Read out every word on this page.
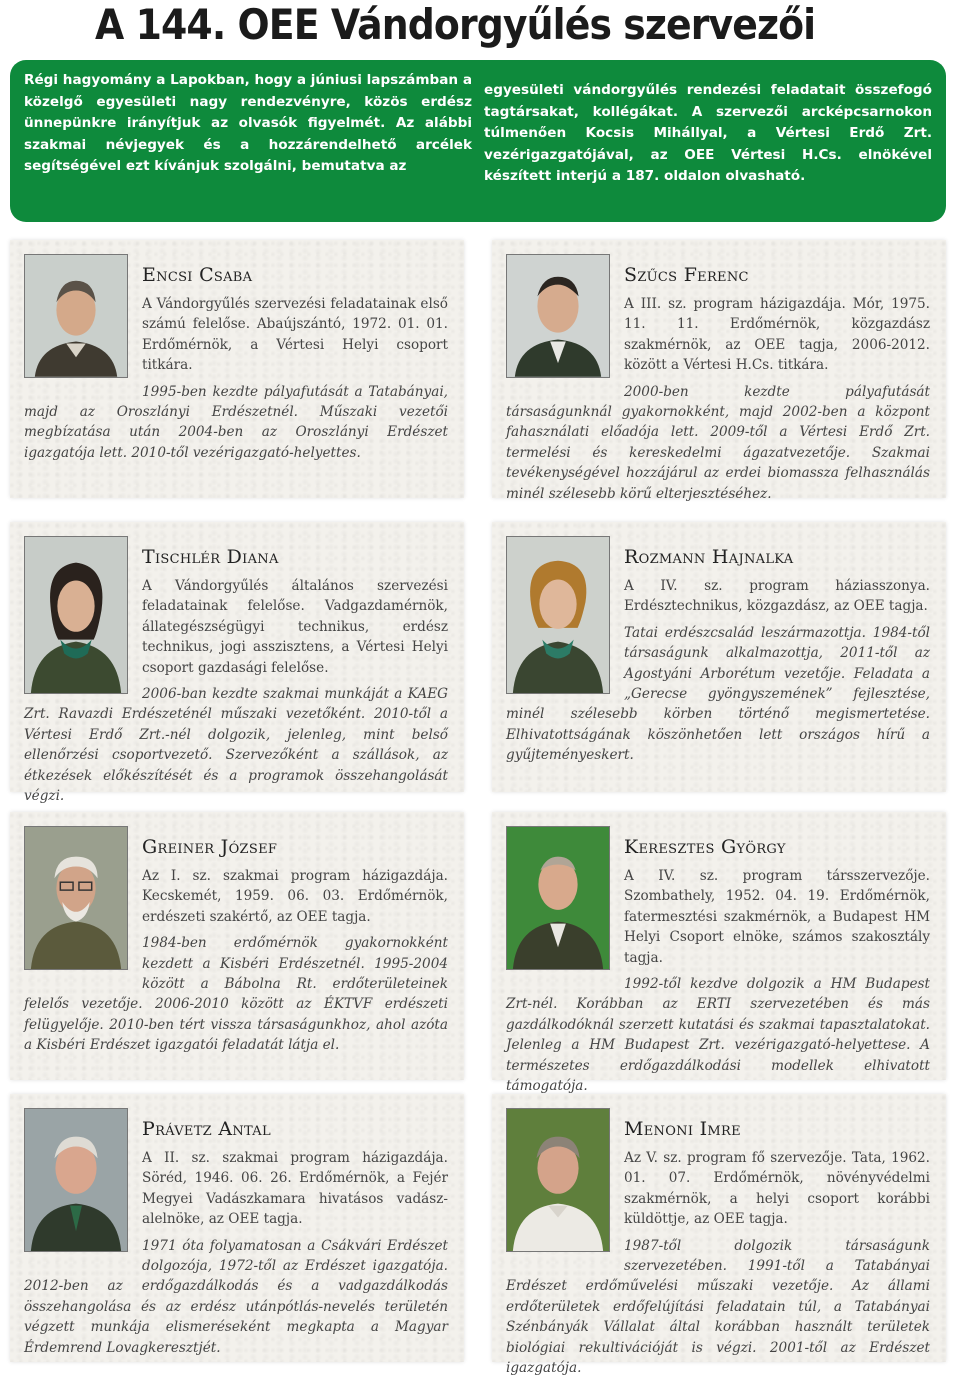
A 144. OEE Vándorgyűlés szervezői
Régi hagyomány a Lapokban, hogy a júniusi lapszámban a közelgő egyesületi nagy rendezvényre, közös erdész ünnepünkre irányítjuk az olvasók figyelmét. Az alábbi szakmai névjegyek és a hozzárendelhető arcélek segítségével ezt kívánjuk szolgálni, bemutatva az
egyesületi vándorgyűlés rendezési feladatait összefogó tagtársakat, kollégákat. A szervezői arcképcsarnokon túlmenően Kocsis Mihállyal, a Vértesi Erdő Zrt. vezérigazgatójával, az OEE Vértesi H.Cs. elnökével készített interjú a 187. oldalon olvasható.
Encsi Csaba

A Vándorgyűlés szervezési feladatainak első számú felelőse. Abaújszántó, 1972. 01. 01. Erdőmérnök, a Vértesi Helyi csoport titkára.

1995-ben kezdte pályafutását a Tatabányai, majd az Oroszlányi Erdészetnél. Műszaki vezetői megbízatása után 2004-ben az Oroszlányi Erdészet igazgatója lett. 2010-től vezérigazgató-helyettes.

Szűcs Ferenc

A III. sz. program házigazdája. Mór, 1975. 11. 11. Erdőmérnök, közgazdász szakmérnök, az OEE tagja, 2006-2012. között a Vértesi H.Cs. titkára.

2000-ben kezdte pályafutását társaságunknál gyakornokként, majd 2002-ben a központ fahasználati előadója lett. 2009-től a Vértesi Erdő Zrt. termelési és kereskedelmi ágazatvezetője. Szakmai tevékenységével hozzájárul az erdei biomassza felhasználás minél szélesebb körű elterjesztéséhez.

Tischlér Diana

A Vándorgyűlés általános szervezési feladatainak felelőse. Vadgazdamérnök, állategészségügyi technikus, erdész technikus, jogi asszisztens, a Vértesi Helyi csoport gazdasági felelőse.

2006-ban kezdte szakmai munkáját a KAEG Zrt. Ravazdi Erdészeténél műszaki vezetőként. 2010-től a Vértesi Erdő Zrt.-nél dolgozik, jelenleg, mint belső ellenőrzési csoportvezető. Szervezőként a szállások, az étkezések előkészítését és a programok összehangolását végzi.

Rozmann Hajnalka

A IV. sz. program háziasszonya. Erdésztechnikus, közgazdász, az OEE tagja.

Tatai erdészcsalád leszármazottja. 1984-től társaságunk alkalmazottja, 2011-től az Agostyáni Arborétum vezetője. Feladata a „Gerecse gyöngyszemének” fejlesztése, minél szélesebb körben történő megismertetése. Elhivatottságának köszönhetően lett országos hírű a gyűjteményeskert.

Greiner József

Az I. sz. szakmai program házigazdája. Kecskemét, 1959. 06. 03. Erdőmérnök, erdészeti szakértő, az OEE tagja.

1984-ben erdőmérnök gyakornokként kezdett a Kisbéri Erdészetnél. 1995-2004 között a Bábolna Rt. erdőterületeinek felelős vezetője. 2006-2010 között az ÉKTVF erdészeti felügyelője. 2010-ben tért vissza társaságunkhoz, ahol azóta a Kisbéri Erdészet igazgatói feladatát látja el.

Keresztes György

A IV. sz. program társszervezője. Szombathely, 1952. 04. 19. Erdőmérnök, fatermesztési szakmérnök, a Budapest HM Helyi Csoport elnöke, számos szakosztály tagja.

1992-től kezdve dolgozik a HM Budapest Zrt-nél. Korábban az ERTI szervezetében és más gazdálkodóknál szerzett kutatási és szakmai tapasztalatokat. Jelenleg a HM Budapest Zrt. vezérigazgató-helyettese. A természetes erdőgazdálkodási modellek elhivatott támogatója.

Právetz Antal

A II. sz. szakmai program házigazdája. Söréd, 1946. 06. 26. Erdőmérnök, a Fejér Megyei Vadászkamara hivatásos vadász-alelnöke, az OEE tagja.

1971 óta folyamatosan a Csákvári Erdészet dolgozója, 1972-től az Erdészet igazgatója. 2012-ben az erdőgazdálkodás és a vadgazdálkodás összehangolása és az erdész utánpótlás-nevelés területén végzett munkája elismeréseként megkapta a Magyar Érdemrend Lovagkeresztjét.

Menoni Imre

Az V. sz. program fő szervezője. Tata, 1962. 01. 07. Erdőmérnök, növényvédelmi szakmérnök, a helyi csoport korábbi küldöttje, az OEE tagja.

1987-től dolgozik társaságunk szervezetében. 1991-től a Tatabányai Erdészet erdőművelési műszaki vezetője. Az állami erdőterületek erdőfelújítási feladatain túl, a Tatabányai Szénbányák Vállalat által korábban használt területek biológiai rekultivációját is végzi. 2001-től az Erdészet igazgatója.
